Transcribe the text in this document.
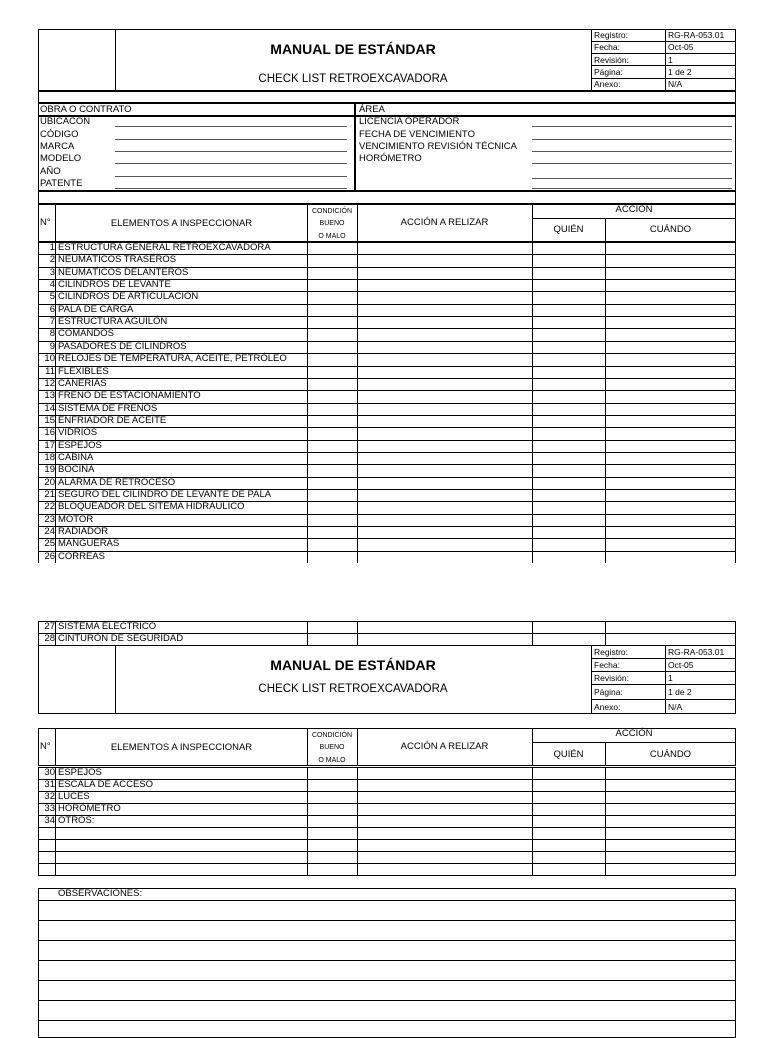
MANUAL DE ESTÁNDAR
CHECK LIST RETROEXCAVADORA
Registro:	RG-RA-053.01
Fecha:	Oct-05
Revisión:	1
Página:	1 de 2
Anexo:	N/A
OBRA O CONTRATO
UBICACÓN
CÓDIGO
MARCA
MODELO
AÑO
PATENTE
ÁREA
LICENCIA OPERADOR
FECHA DE VENCIMIENTO
VENCIMIENTO REVISIÓN TÉCNICA
HORÓMETRO
N°	ELEMENTOS A INSPECCIONAR
CONDICIÓN
BUENO
O MALO
ACCIÓN A RELIZAR
ACCIÓN
QUIÉN	CUÁNDO
1 ESTRUCTURA GENERAL RETROEXCAVADORA
2 NEUMÁTICOS TRASEROS
3 NEUMÁTICOS DELANTEROS
4 CILINDROS DE LEVANTE
5 CILINDROS DE ARTICULACIÓN
6 PALA DE CARGA
7 ESTRUCTURA AGUILÓN
8 COMANDOS
9 PASADORES DE CILINDROS
10 RELOJES DE TEMPERATURA, ACEITE, PETRÓLEO
11 FLEXIBLES
12 CAÑERÍAS
13 FRENO DE ESTACIONAMIENTO
14 SISTEMA DE FRENOS
15 ENFRIADOR DE ACEITE
16 VIDRIOS
17 ESPEJOS
18 CABINA
19 BOCINA
20 ALARMA DE RETROCESO
21 SEGURO DEL CILINDRO DE LEVANTE DE PALA
22 BLOQUEADOR DEL SITEMA HIDRÁULICO
23 MOTOR
24 RADIADOR
25 MANGUERAS
26 CORREAS
27 SISTEMA ELÉCTRICO
28 CINTURÓN DE SEGURIDAD
MANUAL DE ESTÁNDAR
CHECK LIST RETROEXCAVADORA
Registro:	RG-RA-053.01
Fecha:	Oct-05
Revisión:	1
Página:	1 de 2
Anexo:	N/A
N°	ELEMENTOS A INSPECCIONAR
CONDICIÓN
BUENO
O MALO
ACCIÓN A RELIZAR
ACCIÓN
QUIÉN	CUÁNDO
30 ESPEJOS
31 ESCALA DE ACCESO
32 LUCES
33 HORÓMETRO
34 OTROS:
OBSERVACIONES:
